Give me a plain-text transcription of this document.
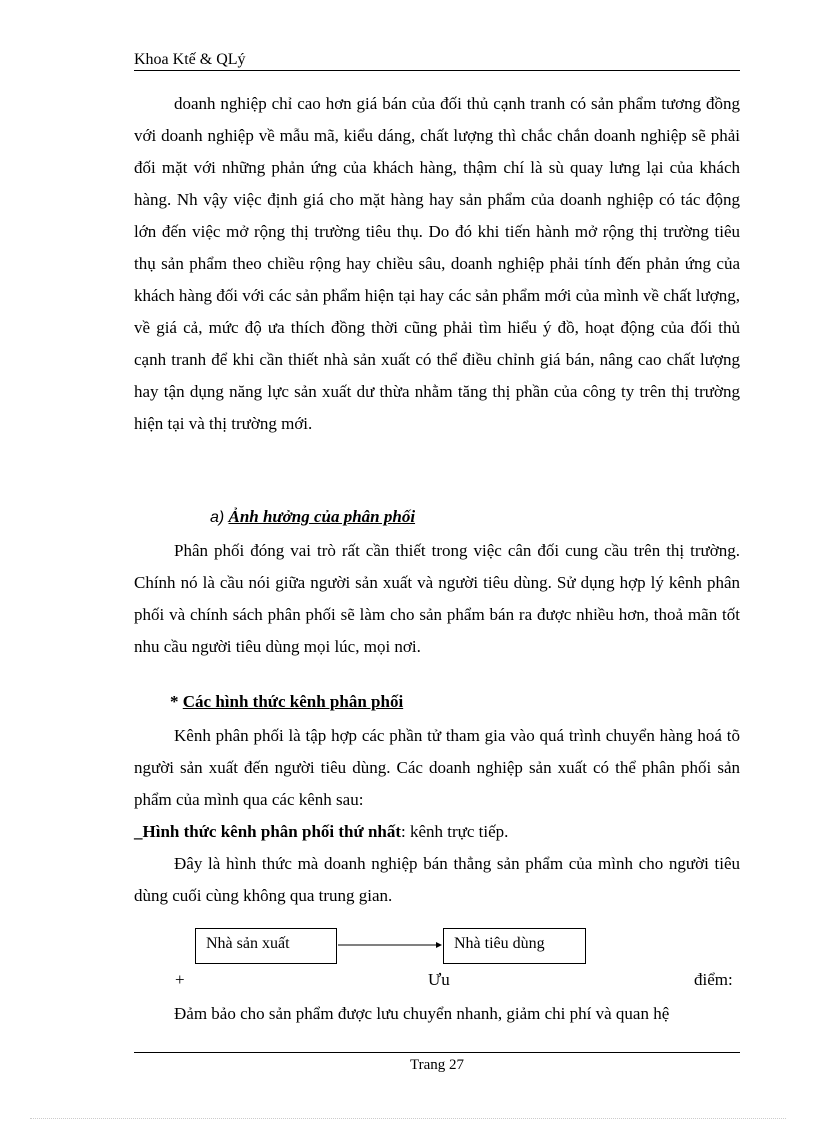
Khoa Ktế & QLý

doanh nghiệp chỉ cao hơn giá bán của đối thủ cạnh tranh có sản phẩm tương đồng với doanh nghiệp về mẫu mã, kiểu dáng, chất lượng thì chắc chắn doanh nghiệp sẽ phải đối mặt với những phản ứng của khách hàng, thậm chí là sù quay lưng lại của khách hàng. Nh vậy việc định giá cho mặt hàng hay sản phẩm của doanh nghiệp có tác động lớn đến việc mở rộng thị trường tiêu thụ. Do đó khi tiến hành mở rộng thị trường tiêu thụ sản phẩm theo chiều rộng hay chiều sâu, doanh nghiệp phải tính đến phản ứng của khách hàng đối với các sản phẩm hiện tại hay các sản phẩm mới của mình về chất lượng, về giá cả, mức độ ưa thích đồng thời cũng phải tìm hiểu ý đồ, hoạt động của đối thủ cạnh tranh để khi cần thiết nhà sản xuất có thể điều chỉnh giá bán, nâng cao chất lượng hay tận dụng năng lực sản xuất dư thừa nhằm tăng thị phần của công ty trên thị trường hiện tại và thị trường mới.

a) Ảnh hưởng của phân phối

Phân phối đóng vai trò rất cần thiết trong việc cân đối cung cầu trên thị trường. Chính nó là cầu nói giữa người sản xuất và người tiêu dùng. Sử dụng hợp lý kênh phân phối và chính sách phân phối sẽ làm cho sản phẩm bán ra được nhiều hơn, thoả mãn tốt nhu cầu người tiêu dùng mọi lúc, mọi nơi.

* Các hình thức kênh phân phối

Kênh phân phối là tập hợp các phần tử tham gia vào quá trình chuyển hàng hoá tõ người sản xuất đến người tiêu dùng. Các doanh nghiệp sản xuất có thể phân phối sản phẩm của mình qua các kênh sau:

_Hình thức kênh phân phối thứ nhất: kênh trực tiếp.

Đây là hình thức mà doanh nghiệp bán thẳng sản phẩm của mình cho người tiêu dùng cuối cùng không qua trung gian.

Nhà sản xuất	Nhà tiêu dùng
+	Ưu	điểm:

Đảm bảo cho sản phẩm được lưu chuyển nhanh, giảm chi phí và quan hệ

Trang 27
